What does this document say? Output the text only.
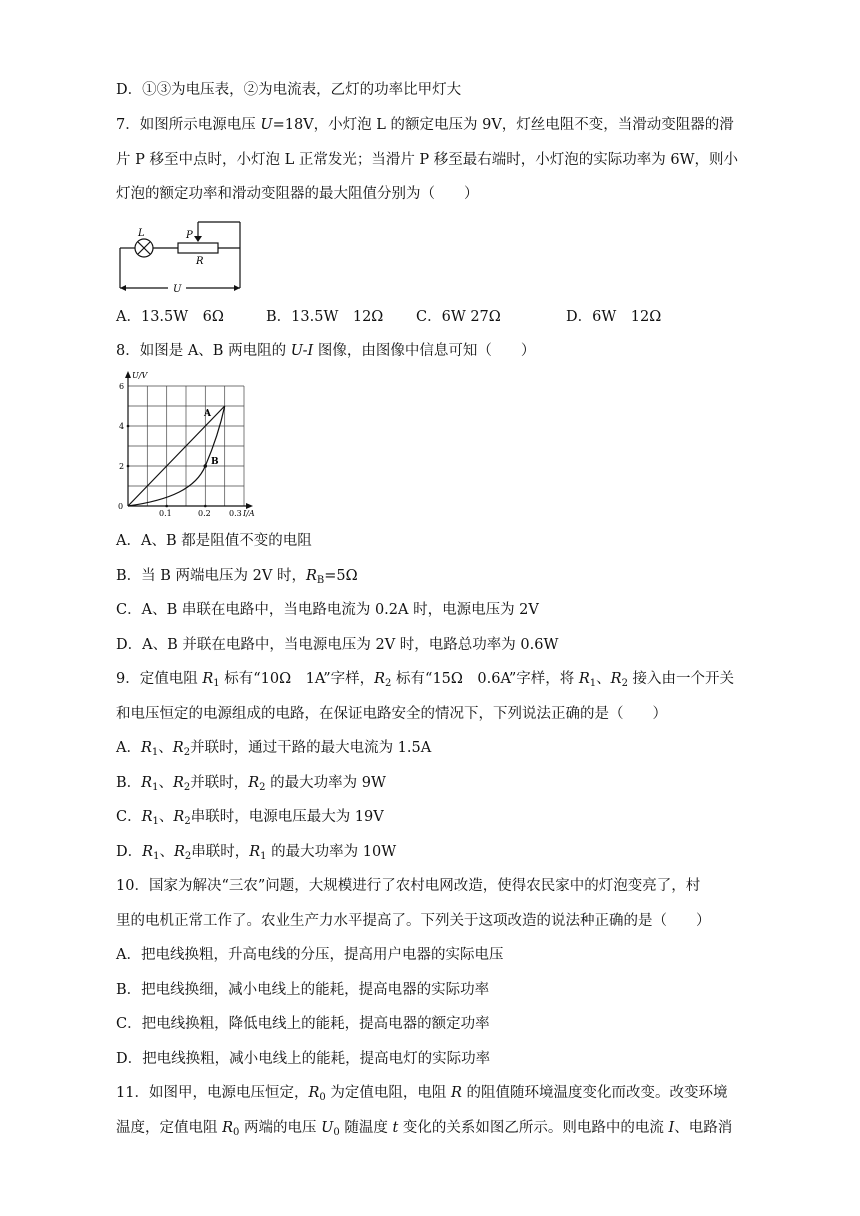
D．①③为电压表，②为电流表，乙灯的功率比甲灯大
7．如图所示电源电压 U=18V，小灯泡 L 的额定电压为 9V，灯丝电阻不变，当滑动变阻器的滑
片 P 移至中点时，小灯泡 L 正常发光；当滑片 P 移至最右端时，小灯泡的实际功率为 6W，则小
灯泡的额定功率和滑动变阻器的最大阻值分别为（　　）
L	P
R
U
A．13.5W　6Ω	B．13.5W　12Ω C．6W 27Ω	D．6W　12Ω
8．如图是 A、B 两电阻的 U-I 图像，由图像中信息可知（　　）
A
B
U/V
I/A
6
4
2
0
0.1	0.2 0.3
A．A、B 都是阻值不变的电阻
B．当 B 两端电压为 2V 时，$R_B=5\Omega$
C．A、B 串联在电路中，当电路电流为 0.2A 时，电源电压为 2V
D．A、B 并联在电路中，当电源电压为 2V 时，电路总功率为 0.6W
9．定值电阻 $R_1$ 标有“10Ω　1A”字样，$R_2$ 标有“15Ω　0.6A”字样，将 $R_1$、$R_2$ 接入由一个开关
和电压恒定的电源组成的电路，在保证电路安全的情况下，下列说法正确的是（　　）
A．$R_1$、$R_2$并联时，通过干路的最大电流为 1.5A
B．$R_1$、$R_2$并联时，$R_2$ 的最大功率为 9W
C．$R_1$、$R_2$串联时，电源电压最大为 19V
D．$R_1$、$R_2$串联时，$R_1$ 的最大功率为 10W
10．国家为解决“三农”问题，大规模进行了农村电网改造，使得农民家中的灯泡变亮了，村
里的电机正常工作了。农业生产力水平提高了。下列关于这项改造的说法种正确的是（　　）
A．把电线换粗，升高电线的分压，提高用户电器的实际电压
B．把电线换细，减小电线上的能耗，提高电器的实际功率
C．把电线换粗，降低电线上的能耗，提高电器的额定功率
D．把电线换粗，减小电线上的能耗，提高电灯的实际功率
11．如图甲，电源电压恒定，$R_0$ 为定值电阻，电阻 R 的阻值随环境温度变化而改变。改变环境
温度，定值电阻 $R_0$ 两端的电压 $U_0$ 随温度 t 变化的关系如图乙所示。则电路中的电流 I、电路消
